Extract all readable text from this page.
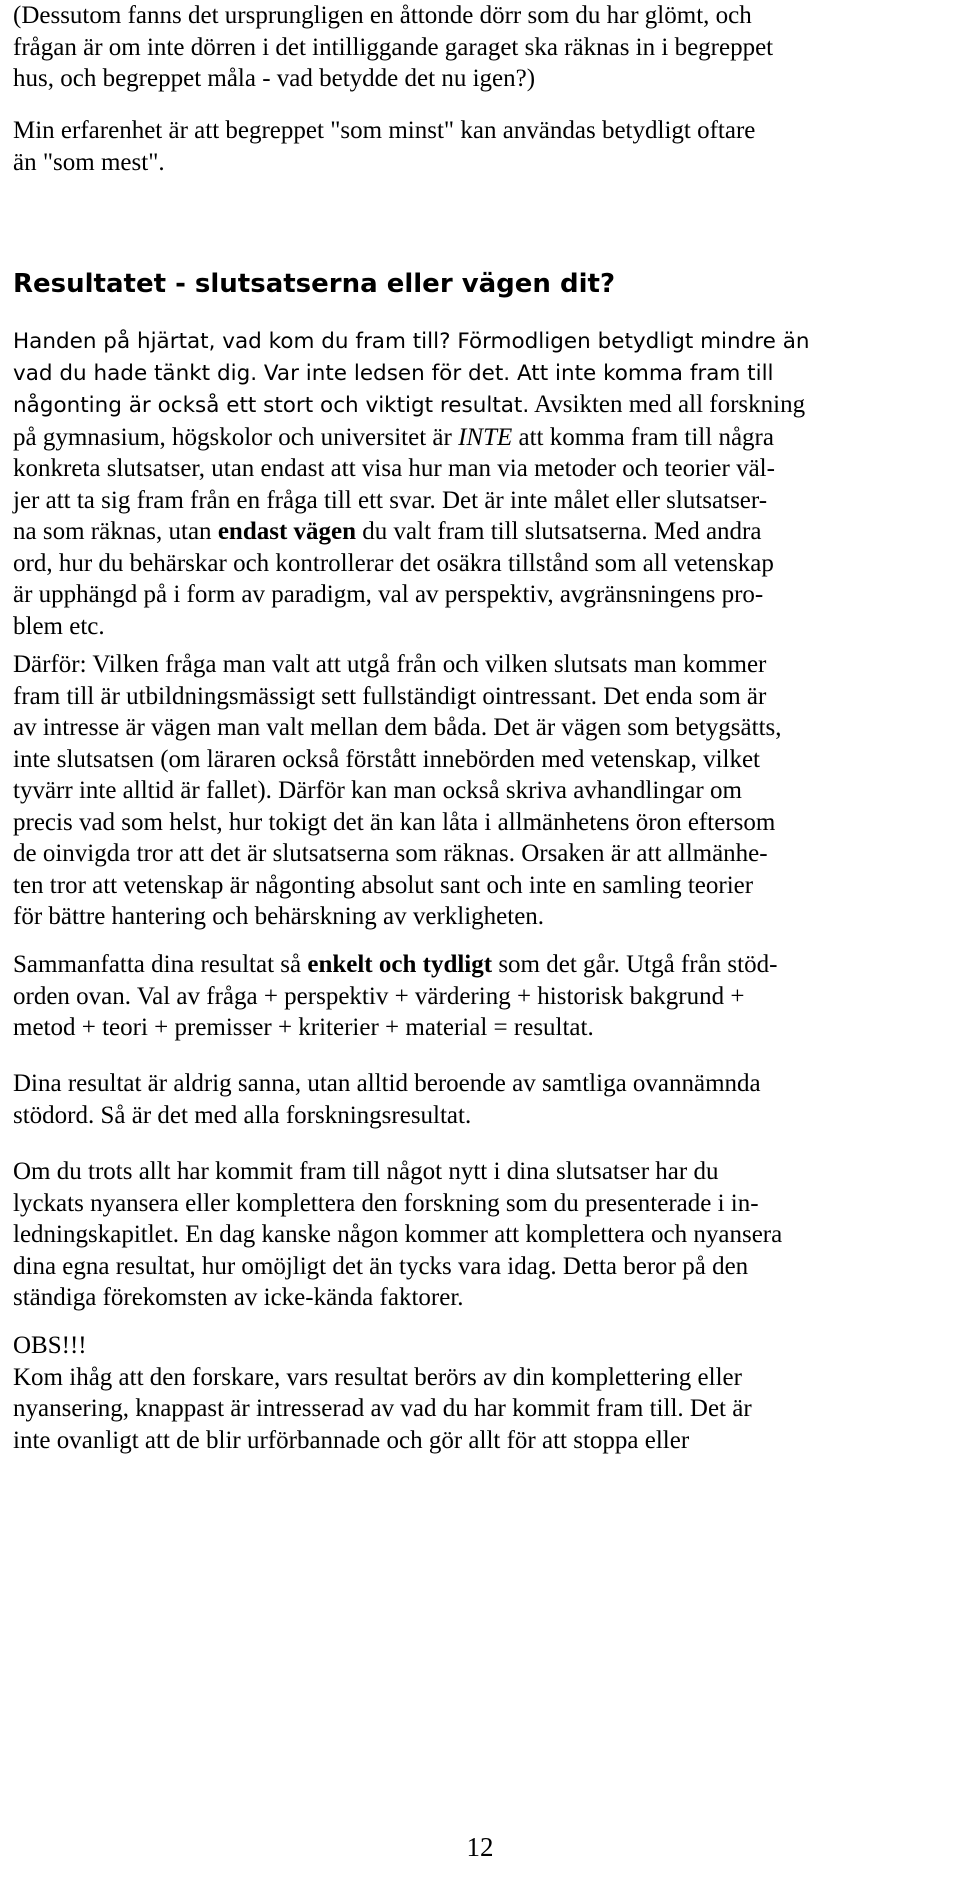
(Dessutom fanns det ursprungligen en åttonde dörr som du har glömt, och
frågan är om inte dörren i det intilliggande garaget ska räknas in i begreppet
hus, och begreppet måla - vad betydde det nu igen?)
Min erfarenhet är att begreppet "som minst" kan användas betydligt oftare
än "som mest".
Resultatet - slutsatserna eller vägen dit?
Handen på hjärtat, vad kom du fram till? Förmodligen betydligt mindre än
vad du hade tänkt dig. Var inte ledsen för det. Att inte komma fram till
någonting är också ett stort och viktigt resultat. Avsikten med all forskning
på gymnasium, högskolor och universitet är INTE att komma fram till några
konkreta slutsatser, utan endast att visa hur man via metoder och teorier väl-
jer att ta sig fram från en fråga till ett svar. Det är inte målet eller slutsatser-
na som räknas, utan endast vägen du valt fram till slutsatserna. Med andra
ord, hur du behärskar och kontrollerar det osäkra tillstånd som all vetenskap
är upphängd på i form av paradigm, val av perspektiv, avgränsningens pro-
blem etc.
Därför: Vilken fråga man valt att utgå från och vilken slutsats man kommer
fram till är utbildningsmässigt sett fullständigt ointressant. Det enda som är
av intresse är vägen man valt mellan dem båda. Det är vägen som betygsätts,
inte slutsatsen (om läraren också förstått innebörden med vetenskap, vilket
tyvärr inte alltid är fallet). Därför kan man också skriva avhandlingar om
precis vad som helst, hur tokigt det än kan låta i allmänhetens öron eftersom
de oinvigda tror att det är slutsatserna som räknas. Orsaken är att allmänhe-
ten tror att vetenskap är någonting absolut sant och inte en samling teorier
för bättre hantering och behärskning av verkligheten.
Sammanfatta dina resultat så enkelt och tydligt som det går. Utgå från stöd-
orden ovan. Val av fråga + perspektiv + värdering + historisk bakgrund +
metod + teori + premisser + kriterier + material = resultat.
Dina resultat är aldrig sanna, utan alltid beroende av samtliga ovannämnda
stödord. Så är det med alla forskningsresultat.
Om du trots allt har kommit fram till något nytt i dina slutsatser har du
lyckats nyansera eller komplettera den forskning som du presenterade i in-
ledningskapitlet. En dag kanske någon kommer att komplettera och nyansera
dina egna resultat, hur omöjligt det än tycks vara idag. Detta beror på den
ständiga förekomsten av icke-kända faktorer.
OBS!!!
Kom ihåg att den forskare, vars resultat berörs av din komplettering eller
nyansering, knappast är intresserad av vad du har kommit fram till. Det är
inte ovanligt att de blir urförbannade och gör allt för att stoppa eller
12
